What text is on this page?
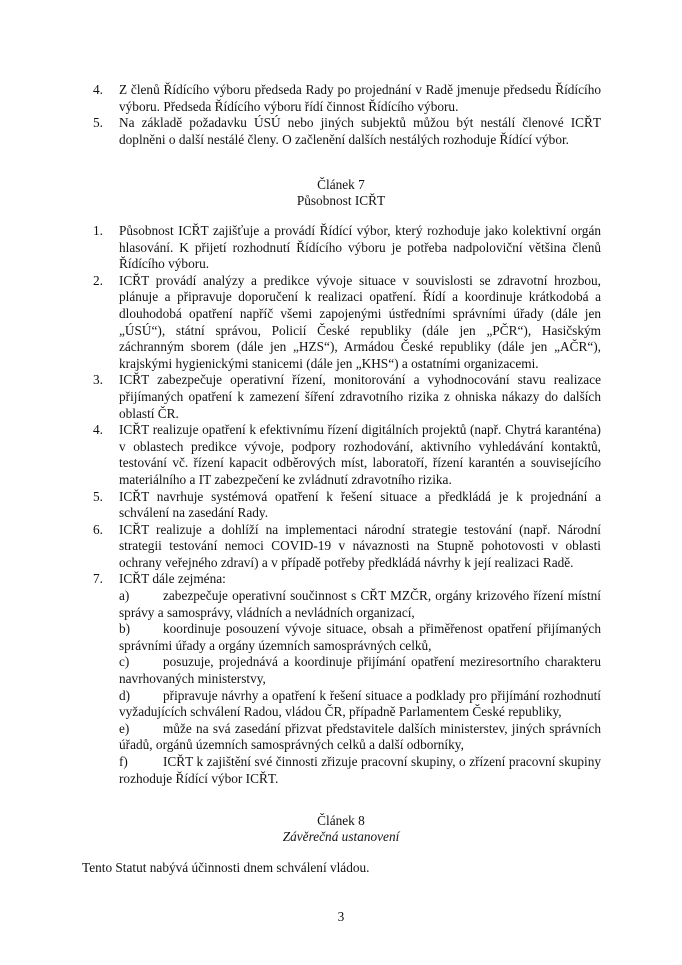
4. Z členů Řídícího výboru předseda Rady po projednání v Radě jmenuje předsedu Řídícího výboru. Předseda Řídícího výboru řídí činnost Řídícího výboru.
5. Na základě požadavku ÚSÚ nebo jiných subjektů můžou být nestálí členové ICŘT doplněni o další nestálé členy. O začlenění dalších nestálých rozhoduje Řídící výbor.
Článek 7
Působnost ICŘT
1. Působnost ICŘT zajišťuje a provádí Řídící výbor, který rozhoduje jako kolektivní orgán hlasování. K přijetí rozhodnutí Řídícího výboru je potřeba nadpoloviční většina členů Řídícího výboru.
2. ICŘT provádí analýzy a predikce vývoje situace v souvislosti se zdravotní hrozbou, plánuje a připravuje doporučení k realizaci opatření. Řídí a koordinuje krátkodobá a dlouhodobá opatření napříč všemi zapojenými ústředními správními úřady (dále jen „ÚSÚ“), státní správou, Policií České republiky (dále jen „PČR“), Hasičským záchranným sborem (dále jen „HZS“), Armádou České republiky (dále jen „AČR“), krajskými hygienickými stanicemi (dále jen „KHS“) a ostatními organizacemi.
3. ICŘT zabezpečuje operativní řízení, monitorování a vyhodnocování stavu realizace přijímaných opatření k zamezení šíření zdravotního rizika z ohniska nákazy do dalších oblastí ČR.
4. ICŘT realizuje opatření k efektivnímu řízení digitálních projektů (např. Chytrá karanténa) v oblastech predikce vývoje, podpory rozhodování, aktivního vyhledávání kontaktů, testování vč. řízení kapacit odběrových míst, laboratoří, řízení karantén a souvisejícího materiálního a IT zabezpečení ke zvládnutí zdravotního rizika.
5. ICŘT navrhuje systémová opatření k řešení situace a předkládá je k projednání a schválení na zasedání Rady.
6. ICŘT realizuje a dohlíží na implementaci národní strategie testování (např. Národní strategii testování nemoci COVID-19 v návaznosti na Stupně pohotovosti v oblasti ochrany veřejného zdraví) a v případě potřeby předkládá návrhy k její realizaci Radě.
7. ICŘT dále zejména:
a)	zabezpečuje operativní součinnost s CŘT MZČR, orgány krizového řízení místní správy a samosprávy, vládních a nevládních organizací,
b) koordinuje posouzení vývoje situace, obsah a přiměřenost opatření přijímaných správními úřady a orgány územních samosprávných celků,
c)	posuzuje, projednává a koordinuje přijímání opatření meziresortního charakteru navrhovaných ministerstvy,
d) připravuje návrhy a opatření k řešení situace a podklady pro přijímání rozhodnutí vyžadujících schválení Radou, vládou ČR, případně Parlamentem České republiky,
e)	může na svá zasedání přizvat představitele dalších ministerstev, jiných správních úřadů, orgánů územních samosprávných celků a další odborníky,
f)	ICŘT k zajištění své činnosti zřizuje pracovní skupiny, o zřízení pracovní skupiny rozhoduje Řídící výbor ICŘT.
Článek 8
Závěrečná ustanovení
Tento Statut nabývá účinnosti dnem schválení vládou.
3
